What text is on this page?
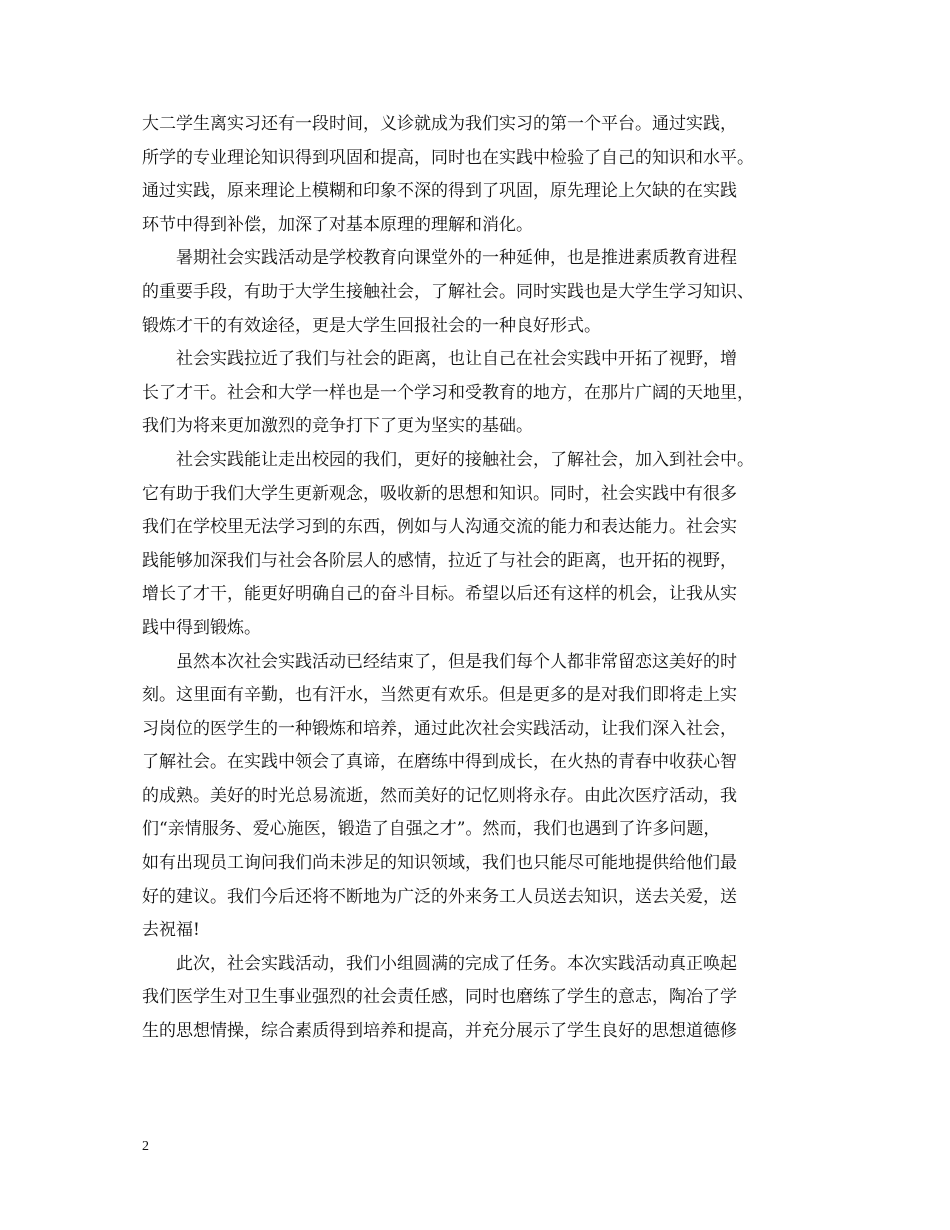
大二学生离实习还有一段时间，义诊就成为我们实习的第一个平台。通过实践，
所学的专业理论知识得到巩固和提高，同时也在实践中检验了自己的知识和水平。
通过实践，原来理论上模糊和印象不深的得到了巩固，原先理论上欠缺的在实践
环节中得到补偿，加深了对基本原理的理解和消化。

　　暑期社会实践活动是学校教育向课堂外的一种延伸，也是推进素质教育进程
的重要手段，有助于大学生接触社会，了解社会。同时实践也是大学生学习知识、
锻炼才干的有效途径，更是大学生回报社会的一种良好形式。

　　社会实践拉近了我们与社会的距离，也让自己在社会实践中开拓了视野，增
长了才干。社会和大学一样也是一个学习和受教育的地方，在那片广阔的天地里，
我们为将来更加激烈的竞争打下了更为坚实的基础。

　　社会实践能让走出校园的我们，更好的接触社会，了解社会，加入到社会中。
它有助于我们大学生更新观念，吸收新的思想和知识。同时，社会实践中有很多
我们在学校里无法学习到的东西，例如与人沟通交流的能力和表达能力。社会实
践能够加深我们与社会各阶层人的感情，拉近了与社会的距离，也开拓的视野，
增长了才干，能更好明确自己的奋斗目标。希望以后还有这样的机会，让我从实
践中得到锻炼。

　　虽然本次社会实践活动已经结束了，但是我们每个人都非常留恋这美好的时
刻。这里面有辛勤，也有汗水，当然更有欢乐。但是更多的是对我们即将走上实
习岗位的医学生的一种锻炼和培养，通过此次社会实践活动，让我们深入社会，
了解社会。在实践中领会了真谛，在磨练中得到成长，在火热的青春中收获心智
的成熟。美好的时光总易流逝，然而美好的记忆则将永存。由此次医疗活动，我
们“亲情服务、爱心施医，锻造了自强之才”。然而，我们也遇到了许多问题，
如有出现员工询问我们尚未涉足的知识领域，我们也只能尽可能地提供给他们最
好的建议。我们今后还将不断地为广泛的外来务工人员送去知识，送去关爱，送
去祝福!

　　此次，社会实践活动，我们小组圆满的完成了任务。本次实践活动真正唤起
我们医学生对卫生事业强烈的社会责任感，同时也磨练了学生的意志，陶冶了学
生的思想情操，综合素质得到培养和提高，并充分展示了学生良好的思想道德修

2
